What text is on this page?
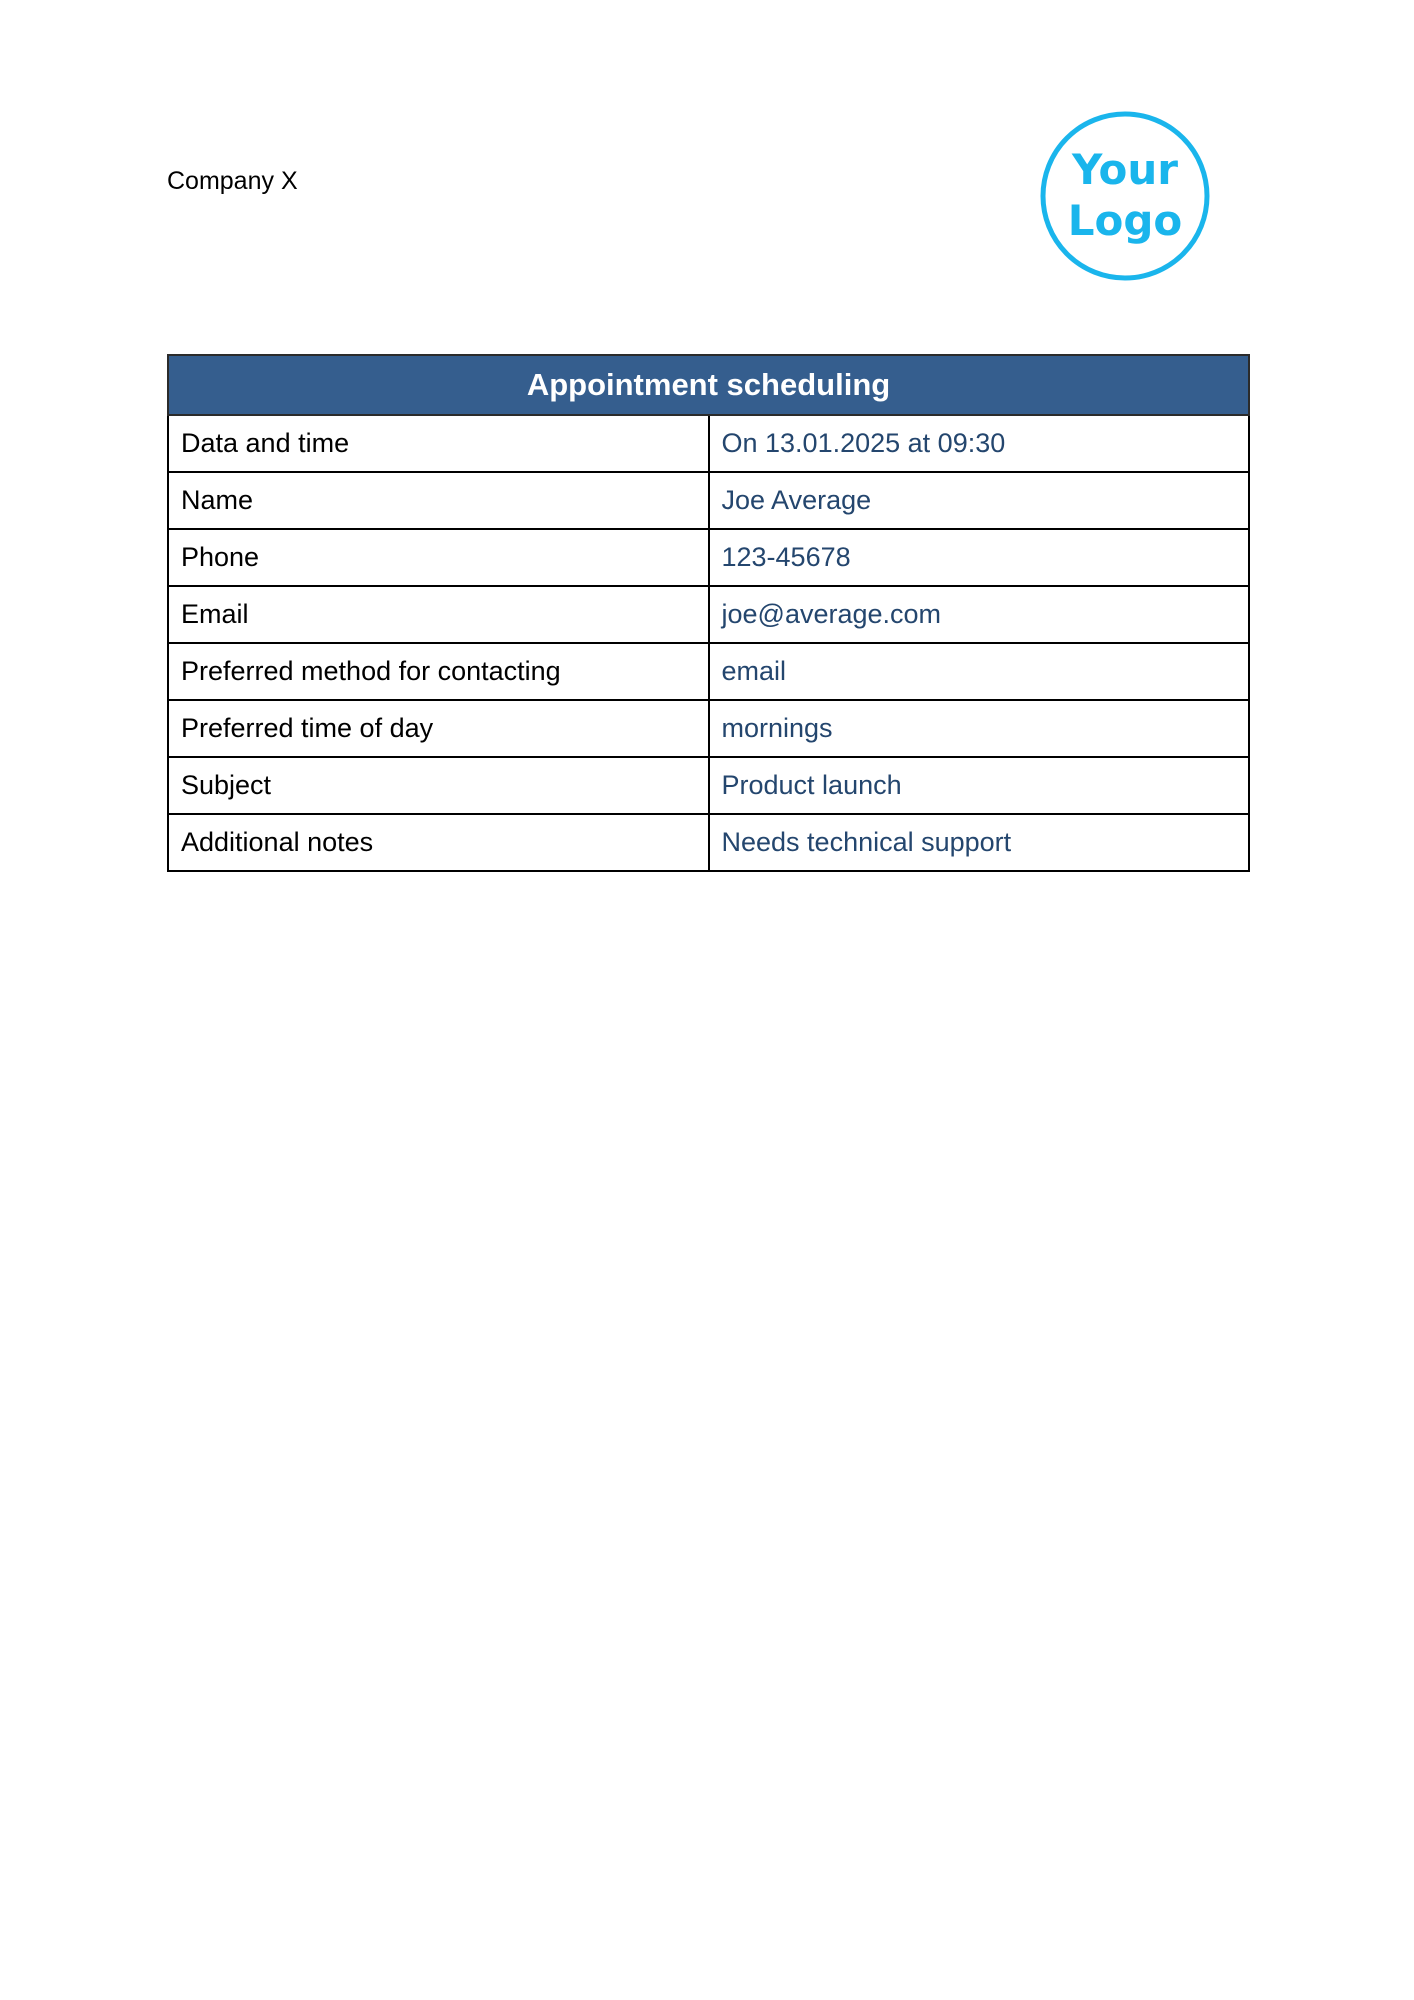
Company X	Your
Logo
Appointment scheduling	
Data and time	On 13.01.2025 at 09:30
Name	Joe Average
Phone	123-45678
Email	joe@average.com
Preferred method for contacting	email
Preferred time of day	mornings
Subject	Product launch
Additional notes	Needs technical support
